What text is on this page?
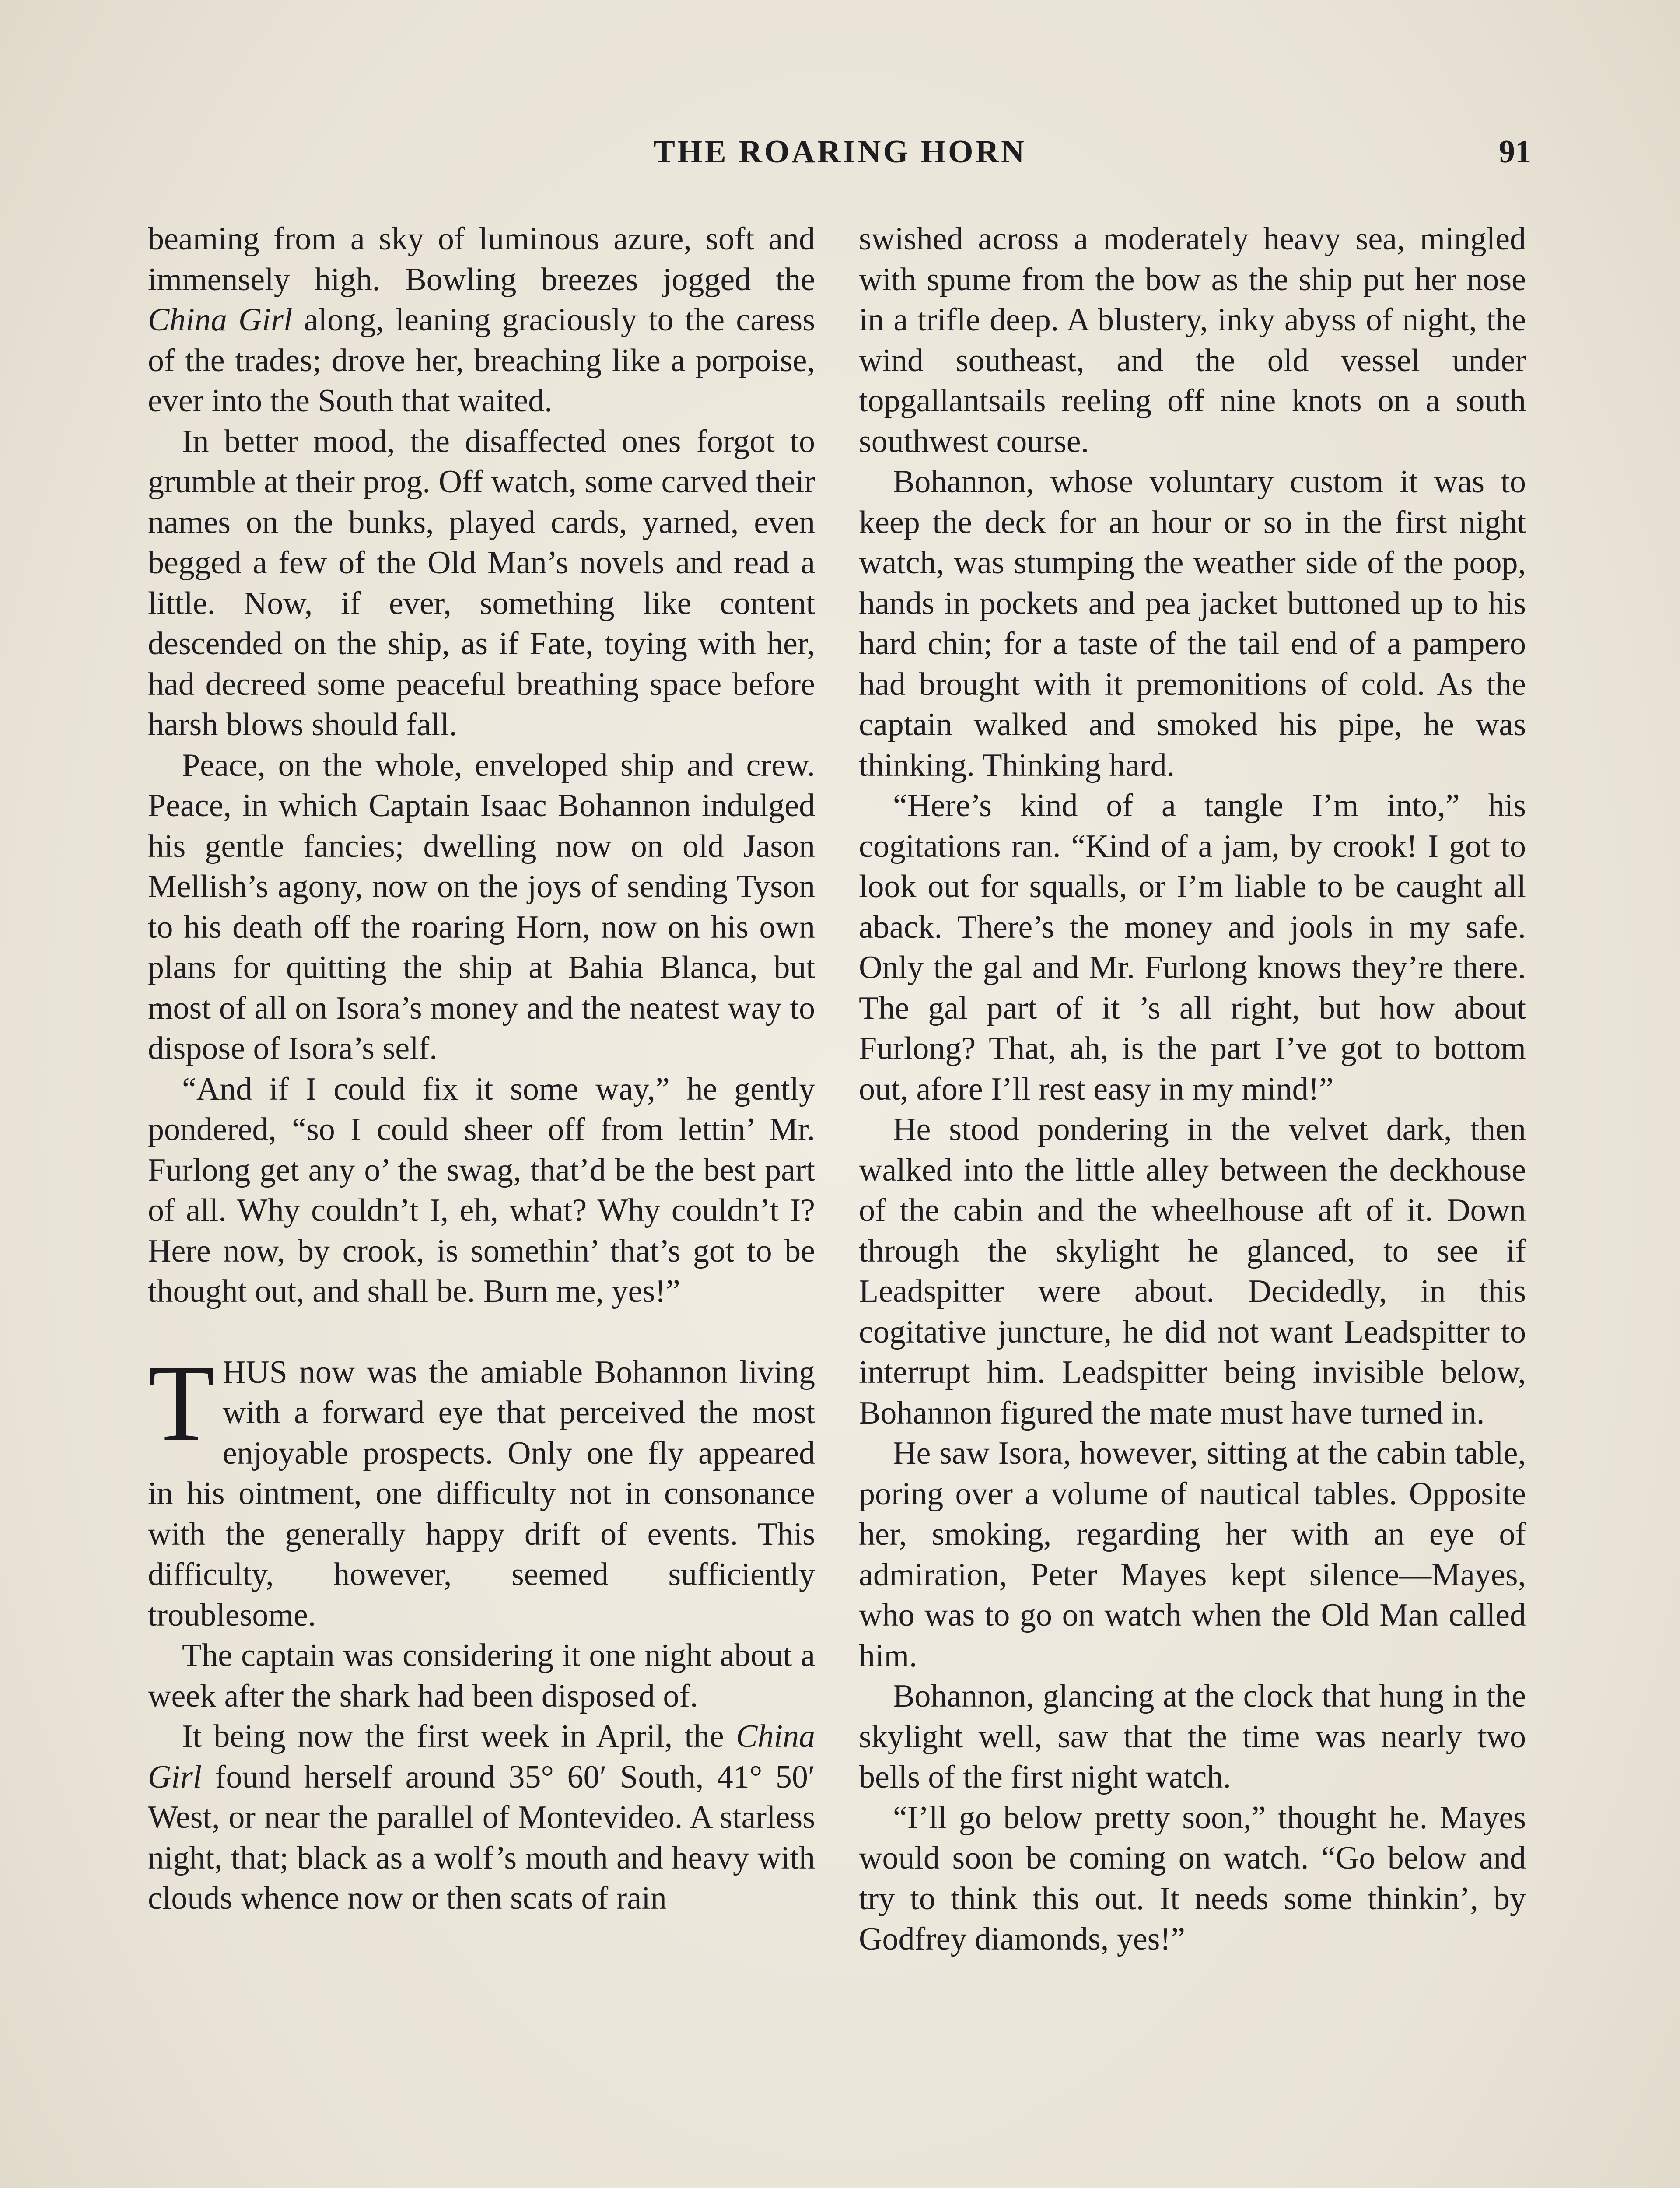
THE ROARING HORN	91

beaming from a sky of luminous azure, soft and immensely high. Bowling breezes jogged the China Girl along, leaning graciously to the caress of the trades; drove her, breaching like a porpoise, ever into the South that waited.

In better mood, the disaffected ones forgot to grumble at their prog. Off watch, some carved their names on the bunks, played cards, yarned, even begged a few of the Old Man’s novels and read a little. Now, if ever, something like content descended on the ship, as if Fate, toying with her, had decreed some peaceful breathing space before harsh blows should fall.

Peace, on the whole, enveloped ship and crew. Peace, in which Captain Isaac Bohannon indulged his gentle fancies; dwelling now on old Jason Mellish’s agony, now on the joys of sending Tyson to his death off the roaring Horn, now on his own plans for quitting the ship at Bahia Blanca, but most of all on Isora’s money and the neatest way to dispose of Isora’s self.

“And if I could fix it some way,” he gently pondered, “so I could sheer off from lettin’ Mr. Furlong get any o’ the swag, that’d be the best part of all. Why couldn’t I, eh, what? Why couldn’t I? Here now, by crook, is somethin’ that’s got to be thought out, and shall be. Burn me, yes!”

THUS now was the amiable Bohannon living with a forward eye that perceived the most enjoyable prospects. Only one fly appeared in his ointment, one difficulty not in consonance with the generally happy drift of events. This difficulty, however, seemed sufficiently troublesome.

The captain was considering it one night about a week after the shark had been disposed of.

It being now the first week in April, the China Girl found herself around 35° 60′ South, 41° 50′ West, or near the parallel of Montevideo. A starless night, that; black as a wolf’s mouth and heavy with clouds whence now or then scats of rain

swished across a moderately heavy sea, mingled with spume from the bow as the ship put her nose in a trifle deep. A blustery, inky abyss of night, the wind southeast, and the old vessel under topgallantsails reeling off nine knots on a south southwest course.

Bohannon, whose voluntary custom it was to keep the deck for an hour or so in the first night watch, was stumping the weather side of the poop, hands in pockets and pea jacket buttoned up to his hard chin; for a taste of the tail end of a pampero had brought with it premonitions of cold. As the captain walked and smoked his pipe, he was thinking. Thinking hard.

“Here’s kind of a tangle I’m into,” his cogitations ran. “Kind of a jam, by crook! I got to look out for squalls, or I’m liable to be caught all aback. There’s the money and jools in my safe. Only the gal and Mr. Furlong knows they’re there. The gal part of it ’s all right, but how about Furlong? That, ah, is the part I’ve got to bottom out, afore I’ll rest easy in my mind!”

He stood pondering in the velvet dark, then walked into the little alley between the deckhouse of the cabin and the wheelhouse aft of it. Down through the skylight he glanced, to see if Leadspitter were about. Decidedly, in this cogitative juncture, he did not want Leadspitter to interrupt him. Leadspitter being invisible below, Bohannon figured the mate must have turned in.

He saw Isora, however, sitting at the cabin table, poring over a volume of nautical tables. Opposite her, smoking, regarding her with an eye of admiration, Peter Mayes kept silence—Mayes, who was to go on watch when the Old Man called him.

Bohannon, glancing at the clock that hung in the skylight well, saw that the time was nearly two bells of the first night watch.

“I’ll go below pretty soon,” thought he. Mayes would soon be coming on watch. “Go below and try to think this out. It needs some thinkin’, by Godfrey diamonds, yes!”
